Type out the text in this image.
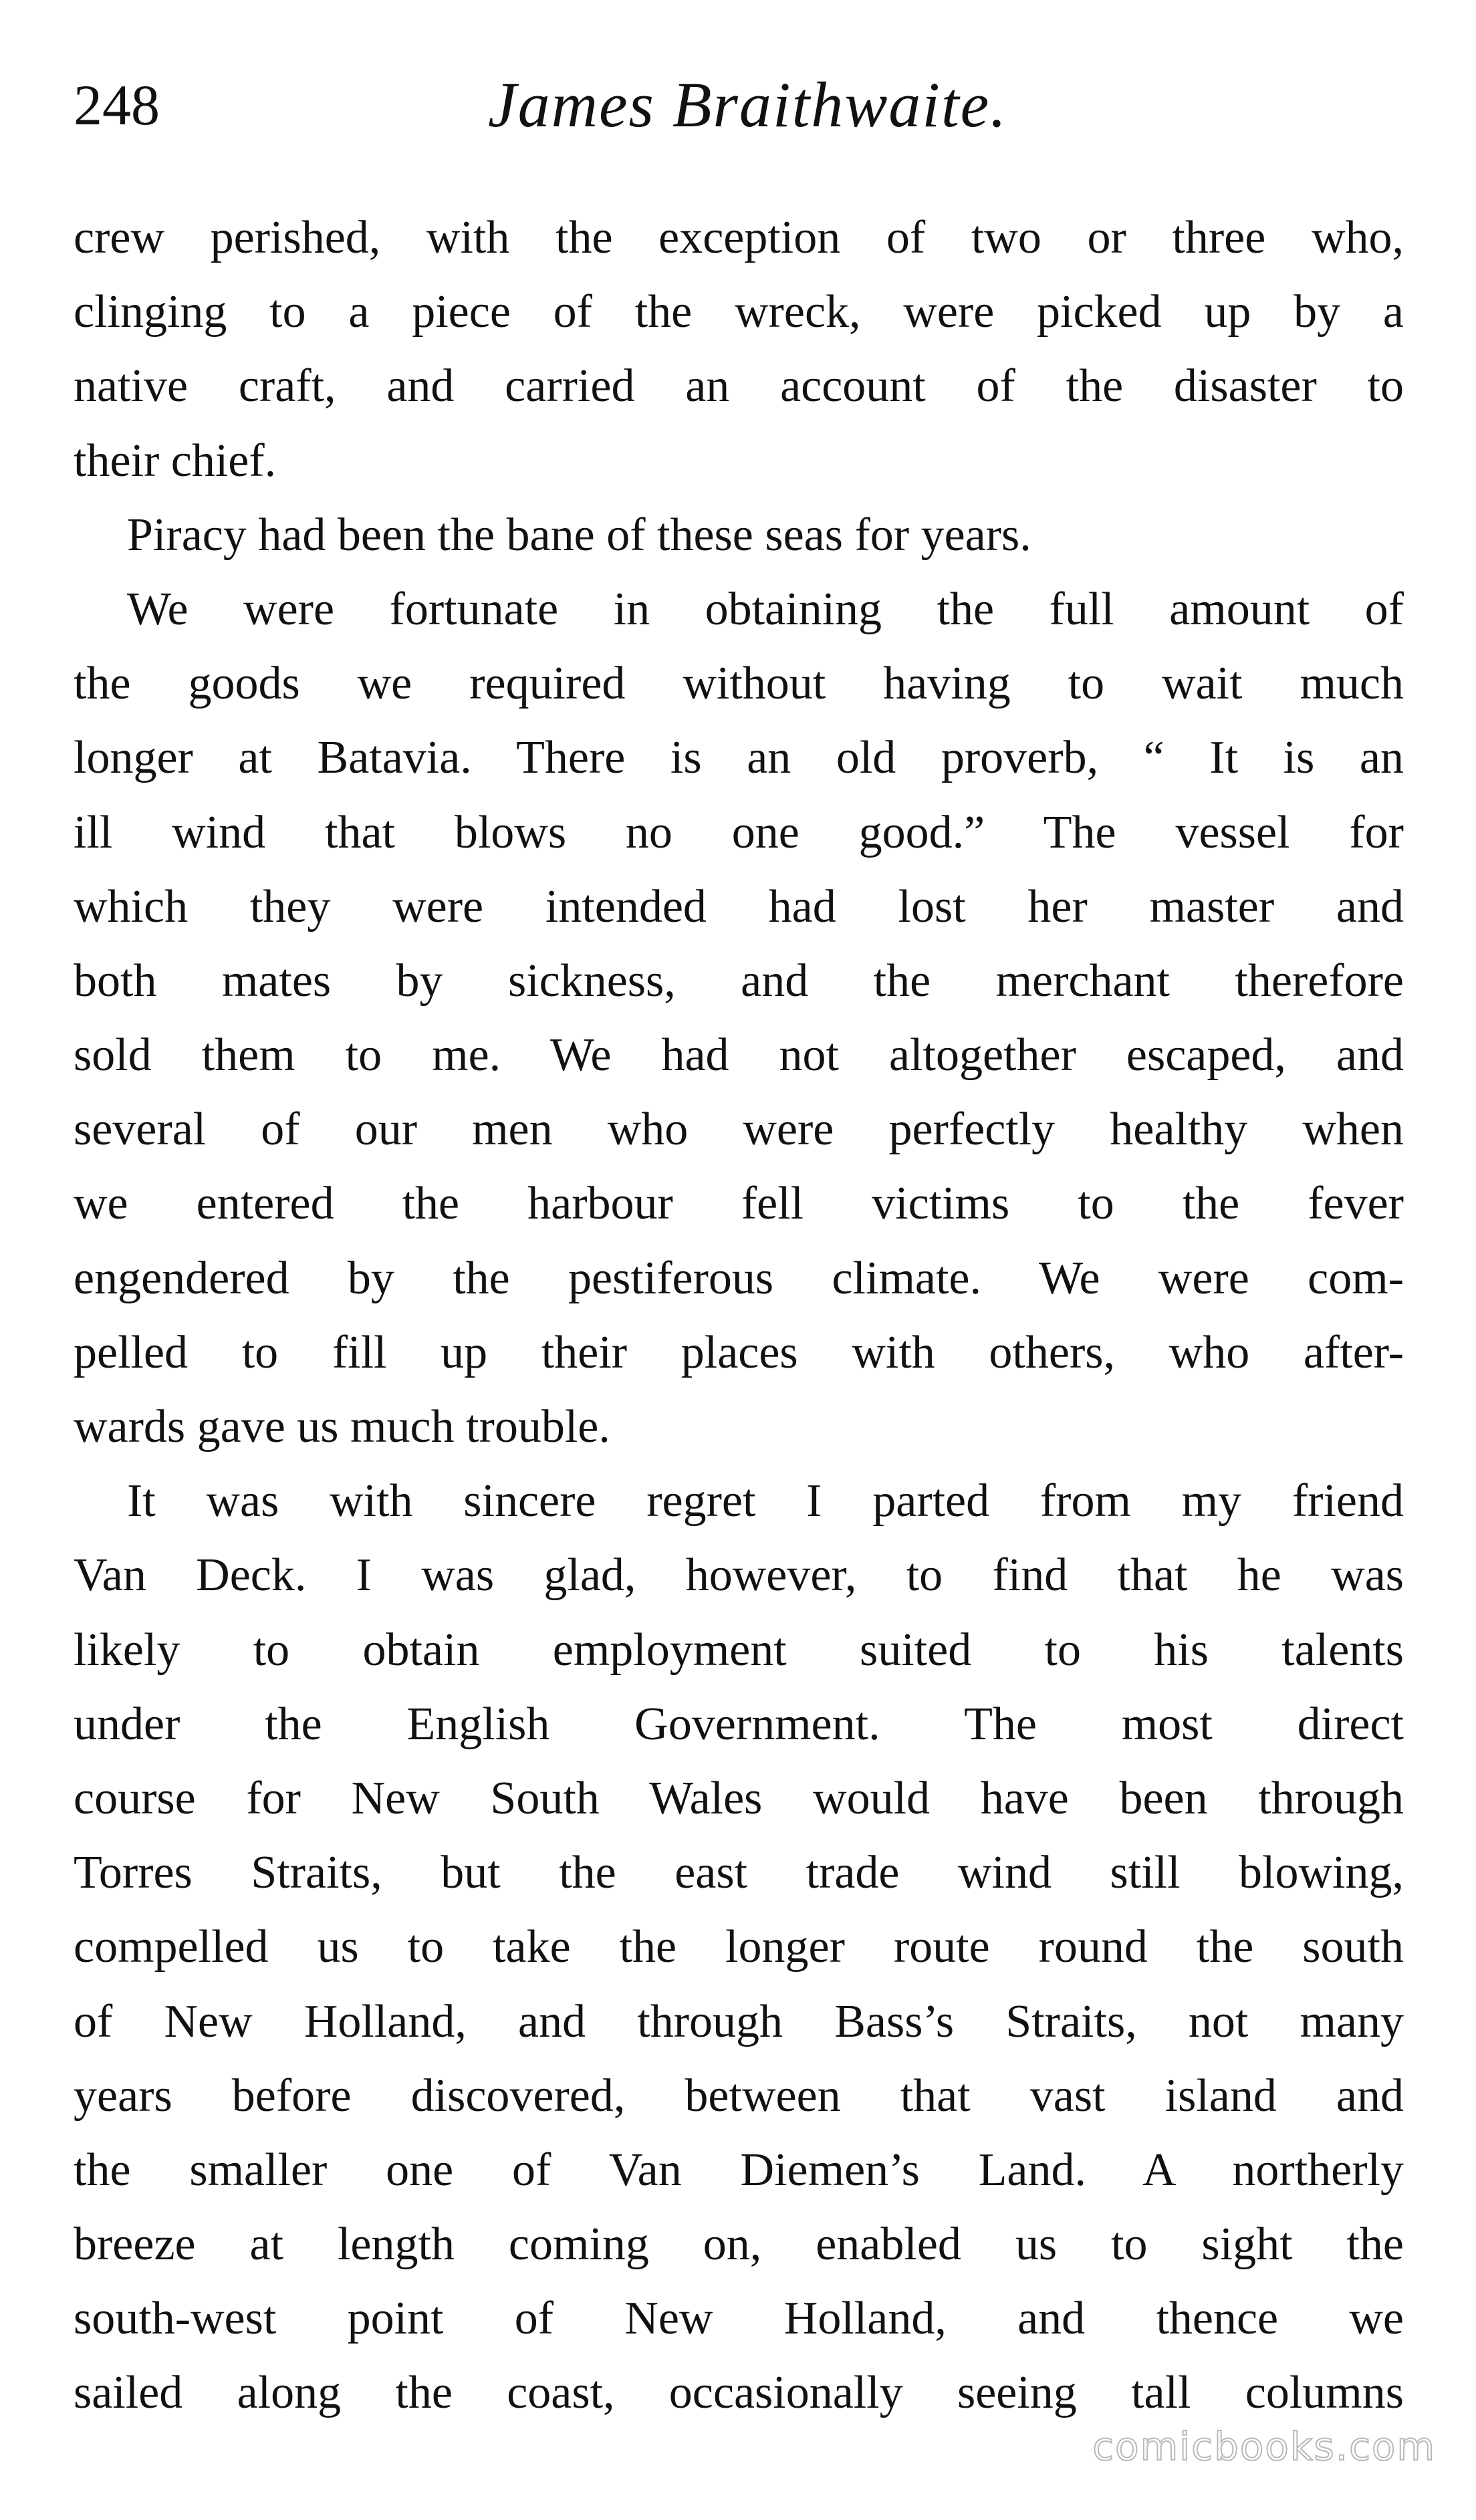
248	James Braithwaite.
crew perished, with the exception of two or three who,
clinging to a piece of the wreck, were picked up by a
native craft, and carried an account of the disaster to
their chief.
Piracy had been the bane of these seas for years.
We were fortunate in obtaining the full amount of
the goods we required without having to wait much
longer at Batavia. There is an old proverb, “ It is an
ill wind that blows no one good.” The vessel for
which they were intended had lost her master and
both mates by sickness, and the merchant therefore
sold them to me. We had not altogether escaped, and
several of our men who were perfectly healthy when
we entered the harbour fell victims to the fever
engendered by the pestiferous climate. We were com-
pelled to fill up their places with others, who after-
wards gave us much trouble.
It was with sincere regret I parted from my friend
Van Deck. I was glad, however, to find that he was
likely to obtain employment suited to his talents
under the English Government. The most direct
course for New South Wales would have been through
Torres Straits, but the east trade wind still blowing,
compelled us to take the longer route round the south
of New Holland, and through Bass’s Straits, not many
years before discovered, between that vast island and
the smaller one of Van Diemen’s Land. A northerly
breeze at length coming on, enabled us to sight the
south-west point of New Holland, and thence we
sailed along the coast, occasionally seeing tall columns
comicbooks.com
